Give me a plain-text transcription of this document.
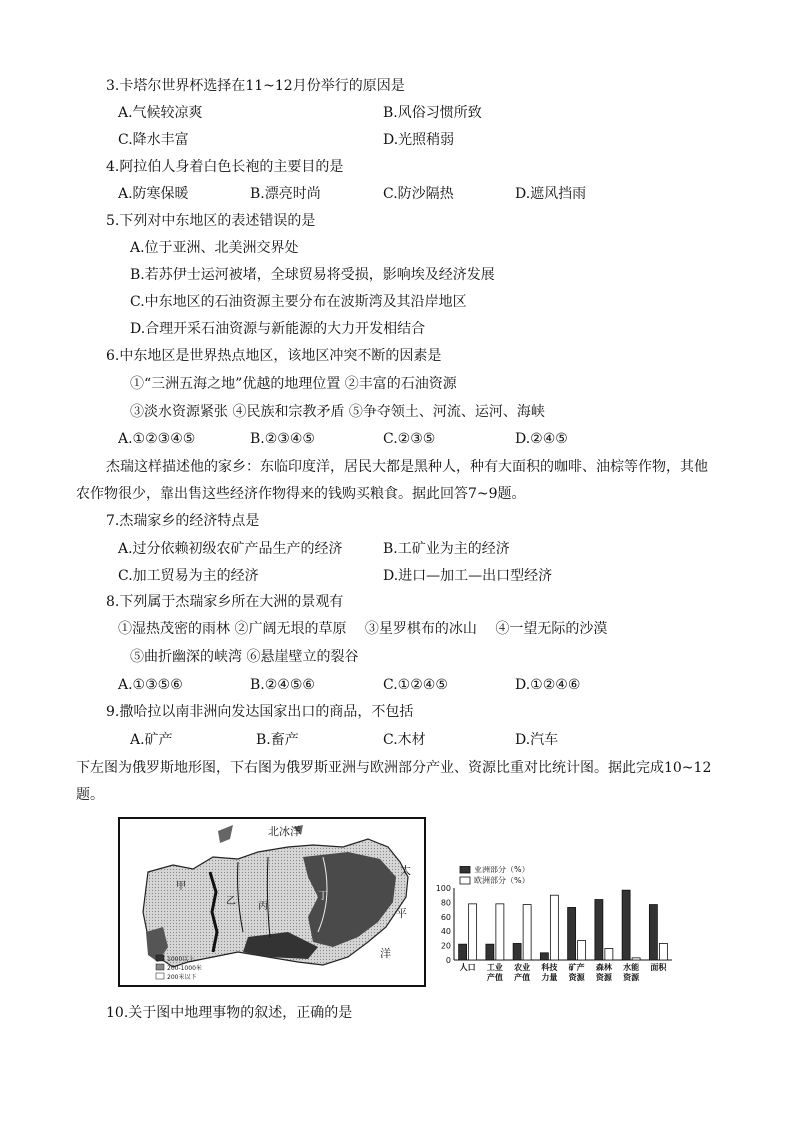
3.卡塔尔世界杯选择在11~12月份举行的原因是
A.气候较凉爽	B.风俗习惯所致
C.降水丰富	D.光照稍弱
4.阿拉伯人身着白色长袍的主要目的是
A.防寒保暖	B.漂亮时尚	C.防沙隔热	D.遮风挡雨
5.下列对中东地区的表述错误的是
A.位于亚洲、北美洲交界处
B.若苏伊士运河被堵，全球贸易将受损，影响埃及经济发展
C.中东地区的石油资源主要分布在波斯湾及其沿岸地区
D.合理开采石油资源与新能源的大力开发相结合
6.中东地区是世界热点地区，该地区冲突不断的因素是
①“三洲五海之地”优越的地理位置 ②丰富的石油资源
③淡水资源紧张 ④民族和宗教矛盾 ⑤争夺领土、河流、运河、海峡
A.①②③④⑤	B.②③④⑤	C.②③⑤	D.②④⑤
杰瑞这样描述他的家乡：东临印度洋，居民大都是黑种人，种有大面积的咖啡、油棕等作物，其他
农作物很少，靠出售这些经济作物得来的钱购买粮食。据此回答7~9题。
7.杰瑞家乡的经济特点是
A.过分依赖初级农矿产品生产的经济	B.工矿业为主的经济
C.加工贸易为主的经济	D.进口—加工—出口型经济
8.下列属于杰瑞家乡所在大洲的景观有
①湿热茂密的雨林 ②广阔无垠的草原 　③星罗棋布的冰山 　④一望无际的沙漠
⑤曲折幽深的峡湾 ⑥悬崖壁立的裂谷
A.①③⑤⑥	B.②④⑤⑥	C.①②④⑤	D.①②④⑥
9.撒哈拉以南非洲向发达国家出口的商品，不包括
A.矿产	B.畜产	C.木材	D.汽车
下左图为俄罗斯地形图，下右图为俄罗斯亚洲与欧洲部分产业、资源比重对比统计图。据此完成10~12
题。
北冰洋
太
平
洋
甲
乙 丙
丁
1000以上
200-1000米
200米以下
亚洲部分（%）
欧洲部分（%）
0
20
40
60
80
100
人口 工业
产值
农业
产值
科技
力量
矿产
资源
森林
资源
水能
资源
面积
10.关于图中地理事物的叙述，正确的是
